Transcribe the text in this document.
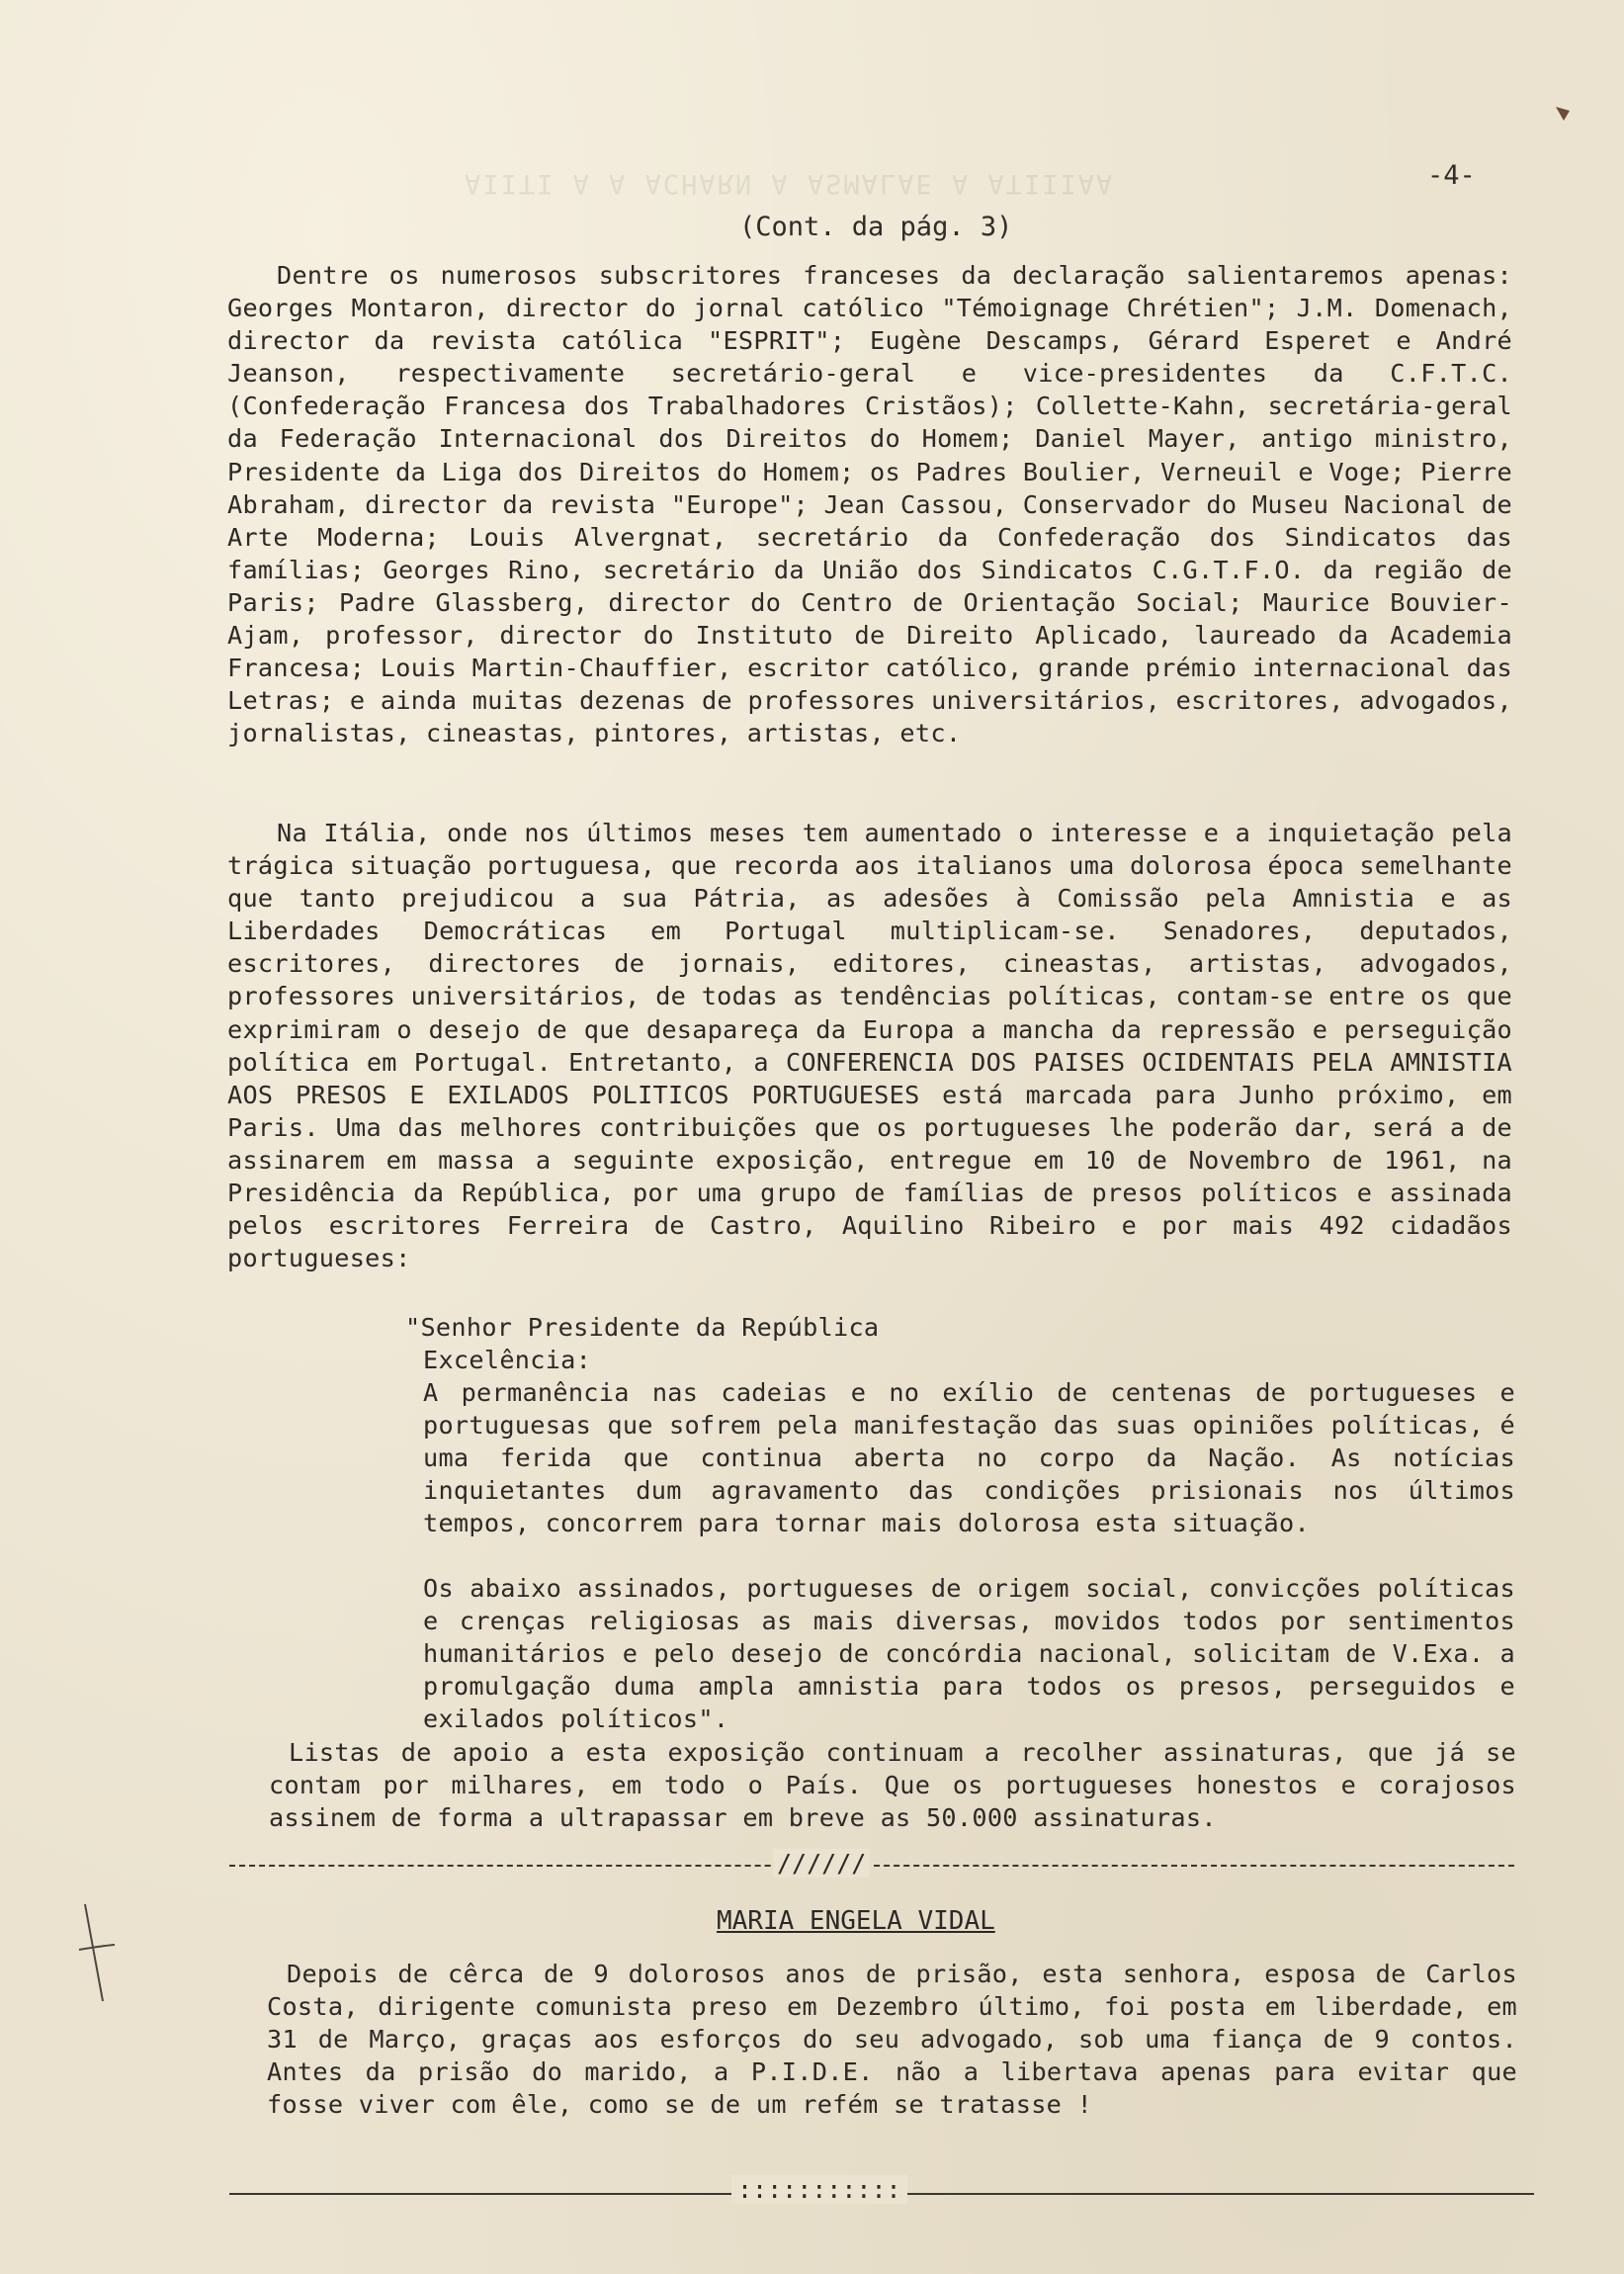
AIITI A A ACHARN A ASMALAE A ATIIIAA	-4-
(Cont. da pág. 3)

Dentre os numerosos subscritores franceses da declaração salientaremos apenas: Georges Montaron, director do jornal católico "Témoignage Chrétien"; J.M. Domenach, director da revista católica "ESPRIT"; Eugène Descamps, Gérard Esperet e André Jeanson, respectivamente secretário-geral e vice-presidentes da C.F.T.C. (Confederação Francesa dos Trabalhadores Cristãos); Collette-Kahn, secretária-geral da Federação Internacional dos Direitos do Homem; Daniel Mayer, antigo ministro, Presidente da Liga dos Direitos do Homem; os Padres Boulier, Verneuil e Voge; Pierre Abraham, director da revista "Europe"; Jean Cassou, Conservador do Museu Nacional de Arte Moderna; Louis Alvergnat, secretário da Confederação dos Sindicatos das famílias; Georges Rino, secretário da União dos Sindicatos C.G.T.F.O. da região de Paris; Padre Glassberg, director do Centro de Orientação Social; Maurice Bouvier-Ajam, professor, director do Instituto de Direito Aplicado, laureado da Academia Francesa; Louis Martin-Chauffier, escritor católico, grande prémio internacional das Letras; e ainda muitas dezenas de professores universitários, escritores, advogados, jornalistas, cineastas, pintores, artistas, etc.

Na Itália, onde nos últimos meses tem aumentado o interesse e a inquietação pela trágica situação portuguesa, que recorda aos italianos uma dolorosa época semelhante que tanto prejudicou a sua Pátria, as adesões à Comissão pela Amnistia e as Liberdades Democráticas em Portugal multiplicam-se. Senadores, deputados, escritores, directores de jornais, editores, cineastas, artistas, advogados, professores universitários, de todas as tendências políticas, contam-se entre os que exprimiram o desejo de que desapareça da Europa a mancha da repressão e perseguição política em Portugal. Entretanto, a CONFERENCIA DOS PAISES OCIDENTAIS PELA AMNISTIA AOS PRESOS E EXILADOS POLITICOS PORTUGUESES está marcada para Junho próximo, em Paris. Uma das melhores contribuições que os portugueses lhe poderão dar, será a de assinarem em massa a seguinte exposição, entregue em 10 de Novembro de 1961, na Presidência da República, por uma grupo de famílias de presos políticos e assinada pelos escritores Ferreira de Castro, Aquilino Ribeiro e por mais 492 cidadãos portugueses:

"Senhor Presidente da República

Excelência:

A permanência nas cadeias e no exílio de centenas de portugueses e portuguesas que sofrem pela manifestação das suas opiniões políticas, é uma ferida que continua aberta no corpo da Nação. As notícias inquietantes dum agravamento das condições prisionais nos últimos tempos, concorrem para tornar mais dolorosa esta situação.

Os abaixo assinados, portugueses de origem social, convicções políticas e crenças religiosas as mais diversas, movidos todos por sentimentos humanitários e pelo desejo de concórdia nacional, solicitam de V.Exa. a promulgação duma ampla amnistia para todos os presos, perseguidos e exilados políticos".

Listas de apoio a esta exposição continuam a recolher assinaturas, que já se contam por milhares, em todo o País. Que os portugueses honestos e corajosos assinem de forma a ultrapassar em breve as 50.000 assinaturas.

//////
MARIA ENGELA VIDAL

Depois de cêrca de 9 dolorosos anos de prisão, esta senhora, esposa de Carlos Costa, dirigente comunista preso em Dezembro último, foi posta em liberdade, em 31 de Março, graças aos esforços do seu advogado, sob uma fiança de 9 contos. Antes da prisão do marido, a P.I.D.E. não a libertava apenas para evitar que fosse viver com êle, como se de um refém se tratasse !

:::::::::::
